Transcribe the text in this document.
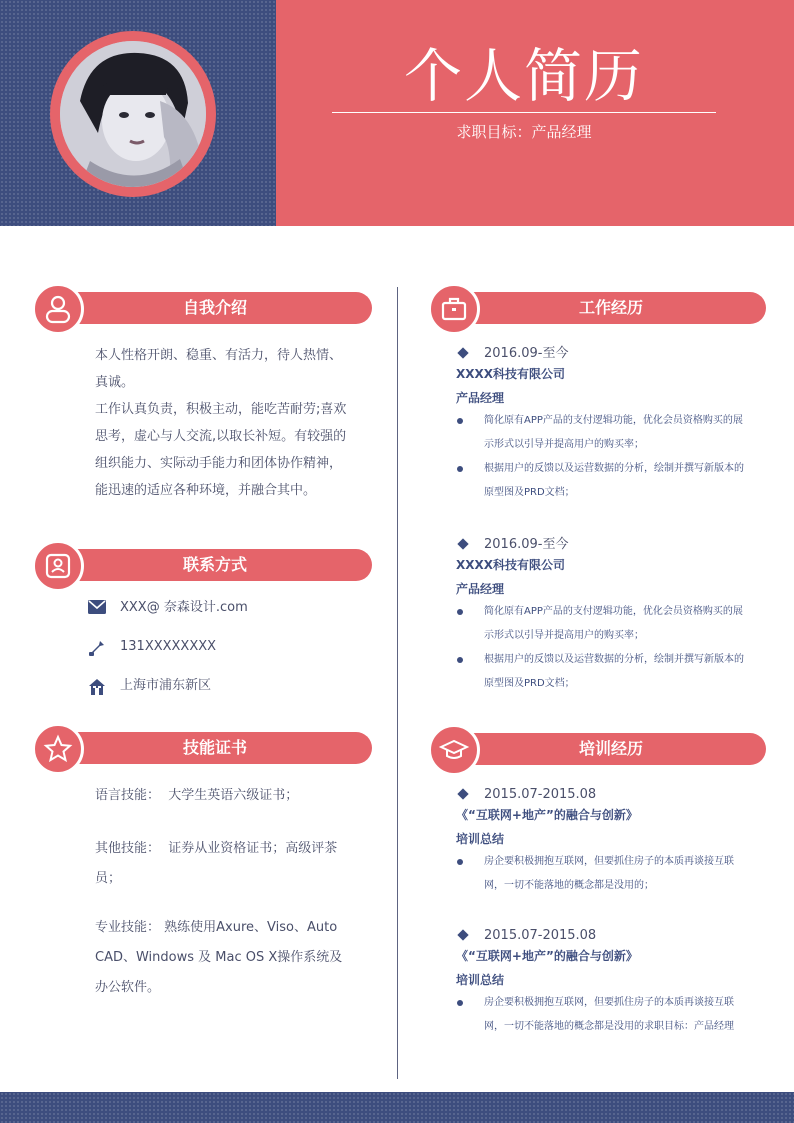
个人简历
求职目标：产品经理
自我介绍
本人性格开朗、稳重、有活力，待人热情、真诚。
工作认真负责，积极主动，能吃苦耐劳;喜欢思考，虚心与人交流,以取长补短。有较强的组织能力、实际动手能力和团体协作精神，能迅速的适应各种环境，并融合其中。
联系方式
XXX@ 奈森设计.com
131XXXXXXXX
上海市浦东新区
技能证书
语言技能： 大学生英语六级证书；
其他技能： 证券从业资格证书；高级评茶员；
专业技能： 熟练使用Axure、Viso、Auto CAD、Windows 及 Mac OS X操作系统及办公软件。
工作经历
2016.09-至今
XXXX科技有限公司
产品经理
简化原有APP产品的支付逻辑功能，优化会员资格购买的展示形式以引导并提高用户的购买率；
根据用户的反馈以及运营数据的分析，绘制并撰写新版本的原型图及PRD文档；
2016.09-至今
XXXX科技有限公司
产品经理
简化原有APP产品的支付逻辑功能，优化会员资格购买的展示形式以引导并提高用户的购买率；
根据用户的反馈以及运营数据的分析，绘制并撰写新版本的原型图及PRD文档；
培训经历
2015.07-2015.08
《“互联网+地产”的融合与创新》
培训总结
房企要积极拥抱互联网，但要抓住房子的本质再谈接互联网，一切不能落地的概念都是没用的；
2015.07-2015.08
《“互联网+地产”的融合与创新》
培训总结
房企要积极拥抱互联网，但要抓住房子的本质再谈接互联网，一切不能落地的概念都是没用的求职目标：产品经理
